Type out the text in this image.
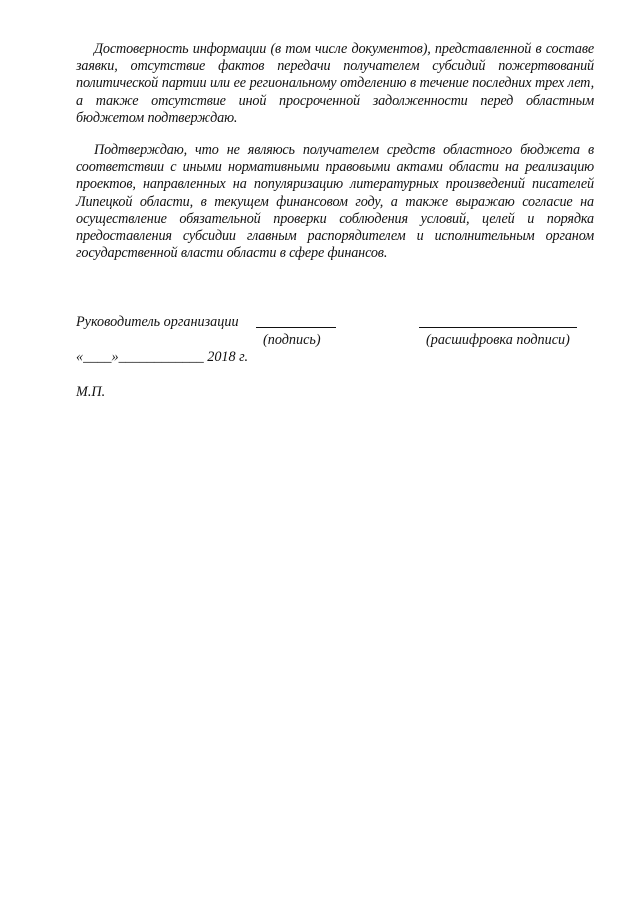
Достоверность информации (в том числе документов), представленной в составе заявки, отсутствие фактов передачи получателем субсидий пожертвований политической партии или ее региональному отделению в течение последних трех лет, а также отсутствие иной просроченной задолженности перед областным бюджетом подтверждаю.

Подтверждаю, что не являюсь получателем средств областного бюджета в соответствии с иными нормативными правовыми актами области на реализацию проектов, направленных на популяризацию литературных произведений писателей Липецкой области, в текущем финансовом году, а также выражаю согласие на осуществление обязательной проверки соблюдения условий, целей и порядка предоставления субсидии главным распорядителем и исполнительным органом государственной власти области в сфере финансов.

Руководитель организации
(подпись)	(расшифровка подписи)
«____»____________ 2018 г.
М.П.
